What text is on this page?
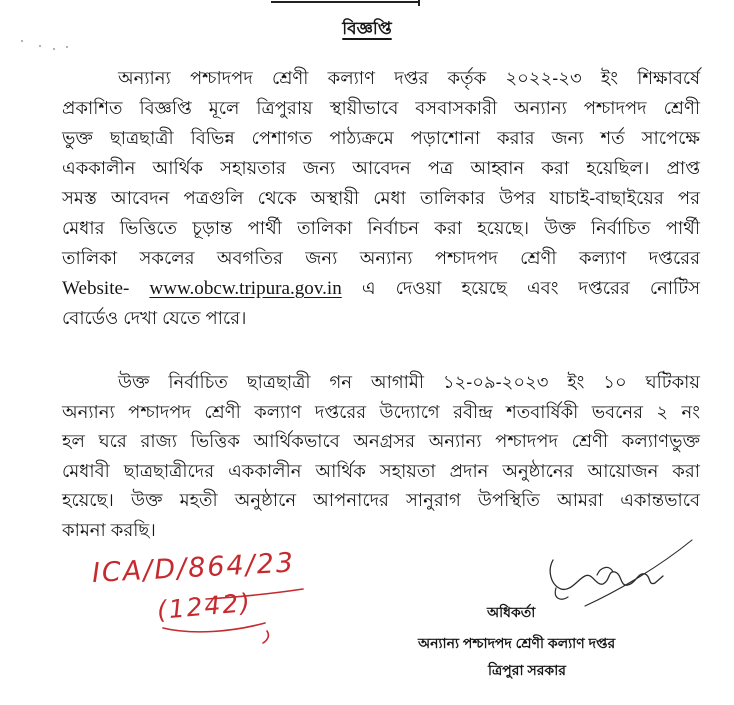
বিজ্ঞপ্তি
অন্যান্য পশ্চাদপদ শ্রেণী কল্যাণ দপ্তর কর্তৃক ২০২২-২৩ ইং শিক্ষাবর্ষে
প্রকাশিত বিজ্ঞপ্তি মূলে ত্রিপুরায় স্থায়ীভাবে বসবাসকারী অন্যান্য পশ্চাদপদ শ্রেণী
ভুক্ত ছাত্রছাত্রী বিভিন্ন পেশাগত পাঠ্যক্রমে পড়াশোনা করার জন্য শর্ত সাপেক্ষে
এককালীন আর্থিক সহায়তার জন্য আবেদন পত্র আহ্বান করা হয়েছিল। প্রাপ্ত
সমস্ত আবেদন পত্রগুলি থেকে অস্থায়ী মেধা তালিকার উপর যাচাই-বাছাইয়ের পর
মেধার ভিত্তিতে চূড়ান্ত পার্থী তালিকা নির্বাচন করা হয়েছে। উক্ত নির্বাচিত পার্থী
তালিকা সকলের অবগতির জন্য অন্যান্য পশ্চাদপদ শ্রেণী কল্যাণ দপ্তরের
Website- www.obcw.tripura.gov.in এ দেওয়া হয়েছে এবং দপ্তরের নোটিস
বোর্ডেও দেখা যেতে পারে।
উক্ত নির্বাচিত ছাত্রছাত্রী গন আগামী ১২-০৯-২০২৩ ইং ১০ ঘটিকায়
অন্যান্য পশ্চাদপদ শ্রেণী কল্যাণ দপ্তরের উদ্যোগে রবীন্দ্র শতবার্ষিকী ভবনের ২ নং
হল ঘরে রাজ্য ভিত্তিক আর্থিকভাবে অনগ্রসর অন্যান্য পশ্চাদপদ শ্রেণী কল্যাণভুক্ত
মেধাবী ছাত্রছাত্রীদের এককালীন আর্থিক সহায়তা প্রদান অনুষ্ঠানের আয়োজন করা
হয়েছে। উক্ত মহতী অনুষ্ঠানে আপনাদের সানুরাগ উপস্থিতি আমরা একান্তভাবে
কামনা করছি।
ICA/D/864/23
(1242)	অধিকর্তা
অন্যান্য পশ্চাদপদ শ্রেণী কল্যাণ দপ্তর
ত্রিপুরা সরকার
